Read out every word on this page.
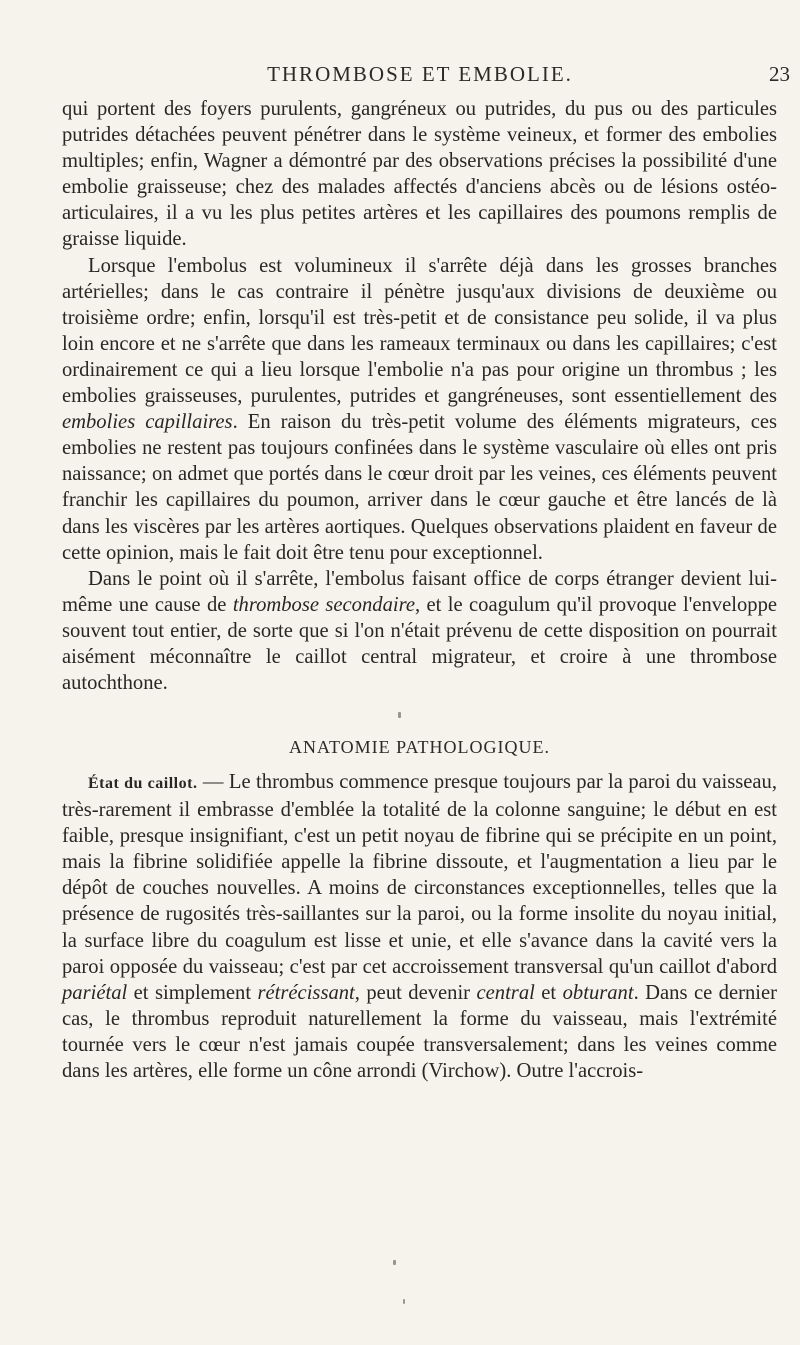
THROMBOSE ET EMBOLIE.	23

qui portent des foyers purulents, gangréneux ou putrides, du pus ou des particules putrides détachées peuvent pénétrer dans le système veineux, et former des embolies multiples; enfin, Wagner a démontré par des observations précises la possibilité d'une embolie graisseuse; chez des malades affectés d'anciens abcès ou de lésions ostéo-articulaires, il a vu les plus petites artères et les capillaires des poumons remplis de graisse liquide.

Lorsque l'embolus est volumineux il s'arrête déjà dans les grosses branches artérielles; dans le cas contraire il pénètre jusqu'aux divisions de deuxième ou troisième ordre; enfin, lorsqu'il est très-petit et de consistance peu solide, il va plus loin encore et ne s'arrête que dans les rameaux terminaux ou dans les capillaires; c'est ordinairement ce qui a lieu lorsque l'embolie n'a pas pour origine un thrombus ; les embolies graisseuses, purulentes, putrides et gangréneuses, sont essentiellement des embolies capillaires. En raison du très-petit volume des éléments migrateurs, ces embolies ne restent pas toujours confinées dans le système vasculaire où elles ont pris naissance; on admet que portés dans le cœur droit par les veines, ces éléments peuvent franchir les capillaires du poumon, arriver dans le cœur gauche et être lancés de là dans les viscères par les artères aortiques. Quelques observations plaident en faveur de cette opinion, mais le fait doit être tenu pour exceptionnel.

Dans le point où il s'arrête, l'embolus faisant office de corps étranger devient lui-même une cause de thrombose secondaire, et le coagulum qu'il provoque l'enveloppe souvent tout entier, de sorte que si l'on n'était prévenu de cette disposition on pourrait aisément méconnaître le caillot central migrateur, et croire à une thrombose autochthone.

ANATOMIE PATHOLOGIQUE.

État du caillot. — Le thrombus commence presque toujours par la paroi du vaisseau, très-rarement il embrasse d'emblée la totalité de la colonne sanguine; le début en est faible, presque insignifiant, c'est un petit noyau de fibrine qui se précipite en un point, mais la fibrine solidifiée appelle la fibrine dissoute, et l'augmentation a lieu par le dépôt de couches nouvelles. A moins de circonstances exceptionnelles, telles que la présence de rugosités très-saillantes sur la paroi, ou la forme insolite du noyau initial, la surface libre du coagulum est lisse et unie, et elle s'avance dans la cavité vers la paroi opposée du vaisseau; c'est par cet accroissement transversal qu'un caillot d'abord pariétal et simplement rétrécissant, peut devenir central et obturant. Dans ce dernier cas, le thrombus reproduit naturellement la forme du vaisseau, mais l'extrémité tournée vers le cœur n'est jamais coupée transversalement; dans les veines comme dans les artères, elle forme un cône arrondi (Virchow). Outre l'accrois-
